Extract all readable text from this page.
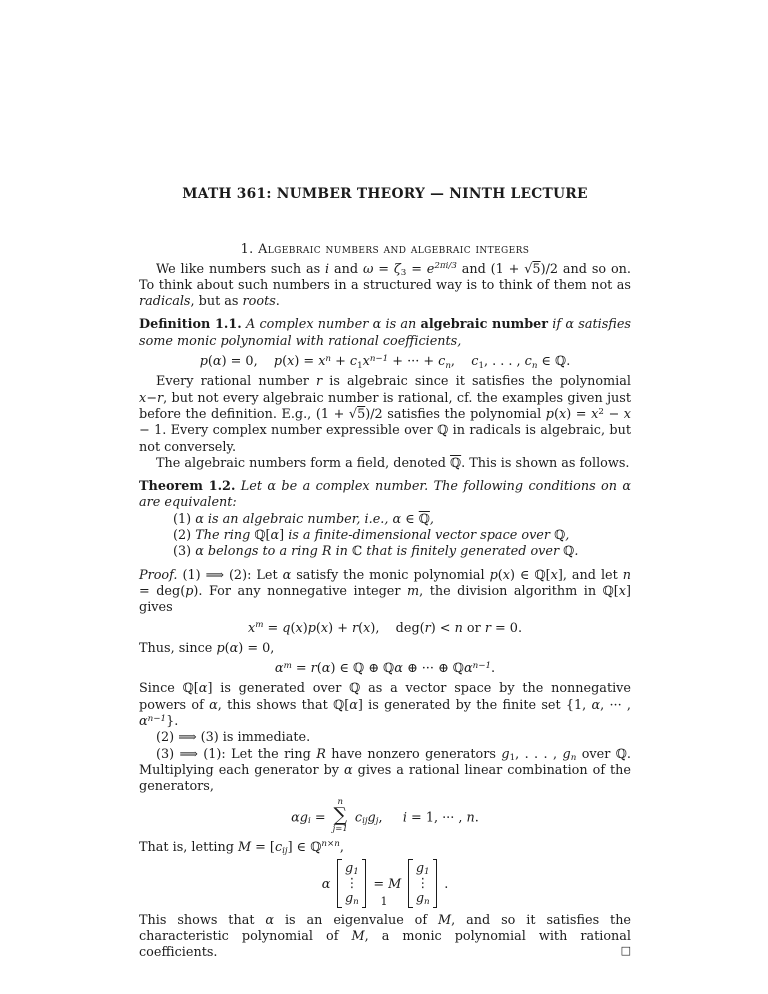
MATH 361: NUMBER THEORY — NINTH LECTURE
1. Algebraic numbers and algebraic integers
We like numbers such as i and $\omega = \zeta 3 = e^{2\pi i/3}$ and (1 + √5)/2 and so on. To think about such numbers in a structured way is to think of them not as radicals, but as roots.
Definition 1.1. A complex number α is an algebraic number if α satisfies some monic polynomial with rational coefficients,
p(α) = 0,    $p(x) = x^n + c1x^{n-1}$ + ··· + cn,    c1, . . . , cn ∈ ℚ.
Every rational number r is algebraic since it satisfies the polynomial x−r, but not every algebraic number is rational, cf. the examples given just before the definition. E.g., (1 + √5)/2 satisfies the polynomial $p(x) = x^2 - x - 1$. Every complex number expressible over ℚ in radicals is algebraic, but not conversely.
The algebraic numbers form a field, denoted ℚ. This is shown as follows.
Theorem 1.2. Let α be a complex number. The following conditions on α are equivalent:
(1) α is an algebraic number, i.e., α ∈ ℚ,
(2) The ring ℚ[α] is a finite-dimensional vector space over ℚ,
(3) α belongs to a ring R in ℂ that is finitely generated over ℚ.
Proof. (1) ⟹ (2): Let α satisfy the monic polynomial p(x) ∈ ℚ[x], and let n = deg(p). For any nonnegative integer m, the division algorithm in ℚ[x] gives
$x^m = q(x)p(x) + r(x)$,    deg(r) < n or r = 0.
Thus, since p(α) = 0,
$\alpha^m = r(\alpha)$ ∈ ℚ ⊕ ℚα ⊕ ··· ⊕ ℚα$^{n-1}$.
Since ℚ[α] is generated over ℚ as a vector space by the nonnegative powers of α, this shows that ℚ[α] is generated by the finite set {1, α, ··· , $\alpha^{n-1}$}.
(2) ⟹ (3) is immediate.
(3) ⟹ (1): Let the ring R have nonzero generators g1, . . . , gn over ℚ. Multiplying each generator by α gives a rational linear combination of the generators,
αgi =
n
∑
j=1
cijgj,     i = 1, ··· , n.
That is, letting M = [cij] ∈ ℚ$^{n\times n}$,
α
g1
⋮
gn
= M
g1
⋮
gn
.
This shows that α is an eigenvalue of M, and so it satisfies the characteristic polynomial of M, a monic polynomial with rational coefficients.	□
1
